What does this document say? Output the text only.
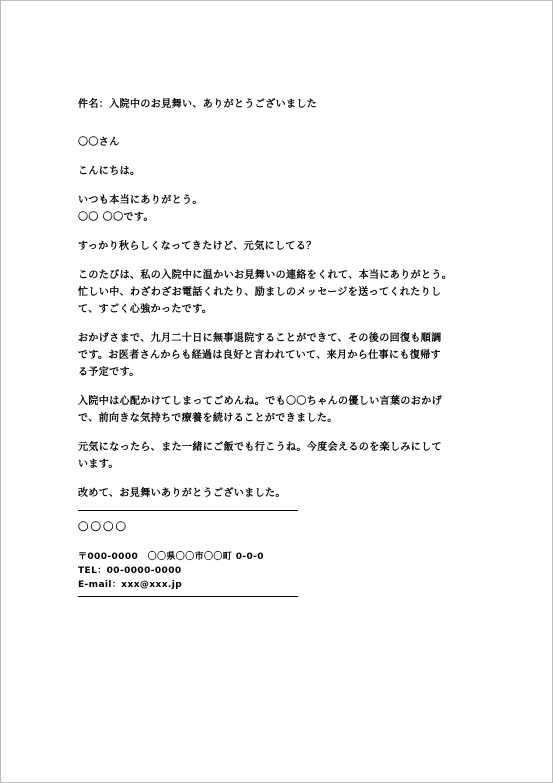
件名：入院中のお見舞い、ありがとうございました
〇〇さん
こんにちは。
いつも本当にありがとう。
〇〇 〇〇です。
すっかり秋らしくなってきたけど、元気にしてる？
このたびは、私の入院中に温かいお見舞いの連絡をくれて、本当にありがとう。
忙しい中、わざわざお電話くれたり、励ましのメッセージを送ってくれたりし
て、すごく心強かったです。
おかげさまで、九月二十日に無事退院することができて、その後の回復も順調
です。お医者さんからも経過は良好と言われていて、来月から仕事にも復帰す
る予定です。
入院中は心配かけてしまってごめんね。でも〇〇ちゃんの優しい言葉のおかげ
で、前向きな気持ちで療養を続けることができました。
元気になったら、また一緒にご飯でも行こうね。今度会えるのを楽しみにして
います。
改めて、お見舞いありがとうございました。
〇〇〇〇
〒000-0000　〇〇県〇〇市〇〇町 0-0-0
TEL：00-0000-0000
E-mail：xxx@xxx.jp
